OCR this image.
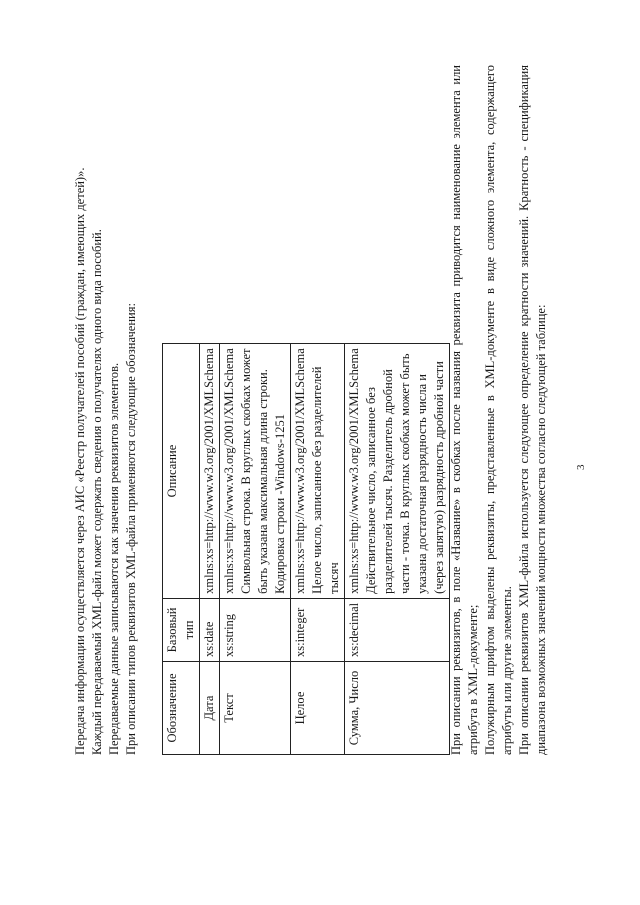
Передача информации осуществляется через АИС «Реестр получателей пособий (граждан, имеющих детей)». Каждый передаваемый XML-файл может содержать сведения о получателях одного вида пособий. Передаваемые данные записываются как значения реквизитов элементов. При описании типов реквизитов XML-файла применяются следующие обозначения: Обозначение	Базовый тип	Описание
Дата	xs:date	xmlns:xs=http://www.w3.org/2001/XMLSchema
Текст	xs:string	xmlns:xs=http://www.w3.org/2001/XMLSchema Символьная строка. В круглых скобках может быть указана максимальная длина строки. Кодировка строки -Windows-1251
Целое	xs:integer	xmlns:xs=http://www.w3.org/2001/XMLSchema Целое число, записанное без разделителей тысяч
Сумма, Число	xs:decimal	xmlns:xs=http://www.w3.org/2001/XMLSchema Действительное число, записанное без разделителей тысяч. Разделитель дробной части - точка. В круглых скобках может быть указана достаточная разрядность числа и (через запятую) разрядность дробной части При описании реквизитов, в поле «Название» в скобках после названия реквизита приводится наименование элемента или атрибута в XML-документе; Полужирным шрифтом выделены реквизиты, представленные в XML-документе в виде сложного элемента, содержащего атрибуты или другие элементы. При описании реквизитов XML-файла используется следующее определение кратности значений. Кратность - спецификация диапазона возможных значений мощности множества согласно следующей таблице: 3
